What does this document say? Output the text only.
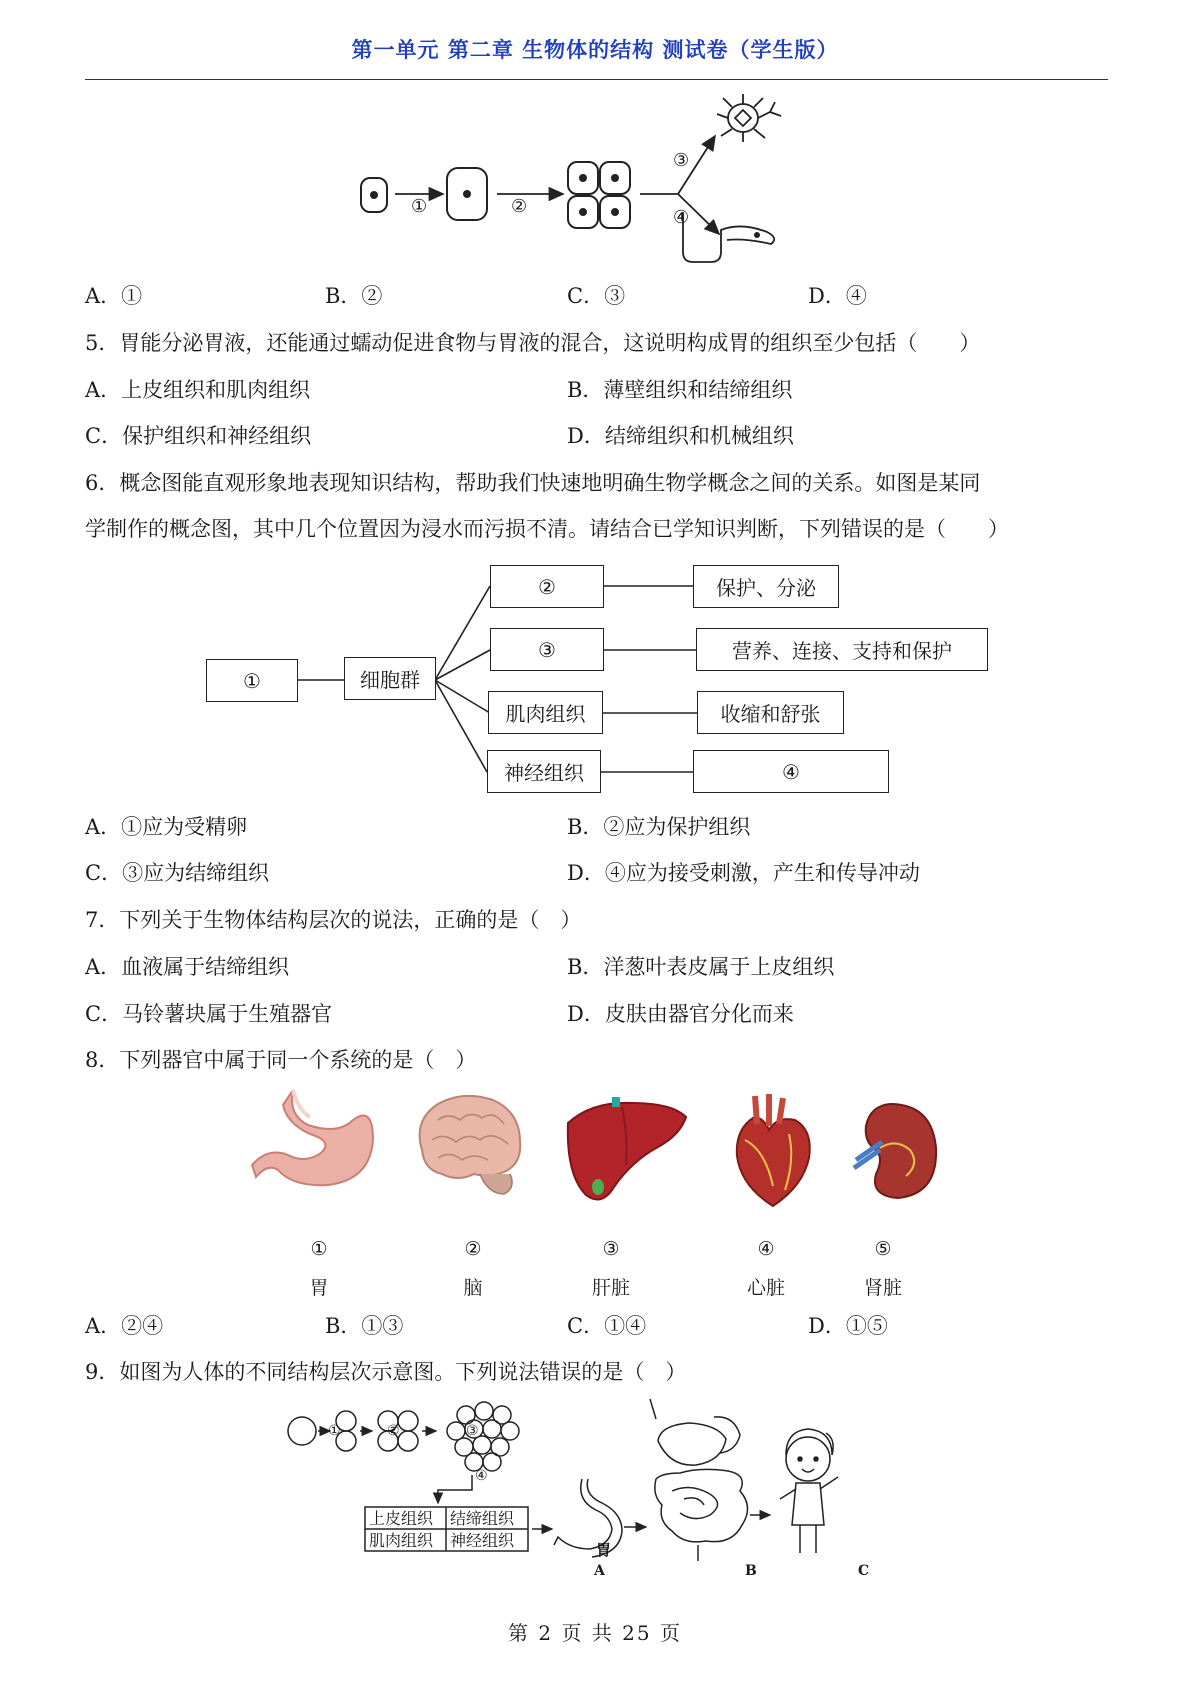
第一单元 第二章 生物体的结构 测试卷（学生版）
①	②
③
④
A．①	B．②	C．③	D．④
5．胃能分泌胃液，还能通过蠕动促进食物与胃液的混合，这说明构成胃的组织至少包括（　　）
A．上皮组织和肌肉组织	B．薄壁组织和结缔组织
C．保护组织和神经组织	D．结缔组织和机械组织
6．概念图能直观形象地表现知识结构，帮助我们快速地明确生物学概念之间的关系。如图是某同
学制作的概念图，其中几个位置因为浸水而污损不清。请结合已学知识判断，下列错误的是（　　）
①	细胞群
②
③
肌肉组织
神经组织
保护、分泌
营养、连接、支持和保护
收缩和舒张
④
A．①应为受精卵	B．②应为保护组织
C．③应为结缔组织	D．④应为接受刺激，产生和传导冲动
7．下列关于生物体结构层次的说法，正确的是（　）
A．血液属于结缔组织	B．洋葱叶表皮属于上皮组织
C．马铃薯块属于生殖器官	D．皮肤由器官分化而来
8．下列器官中属于同一个系统的是（　）
①
胃
②
脑
③
肝脏
④
心脏
⑤
肾脏
A．②④	B．①③	C．①④	D．①⑤
9．如图为人体的不同结构层次示意图。下列说法错误的是（　）
①	②	③
④
上皮组织 结缔组织
肌肉组织 神经组织	胃
A	B	C
第 2 页 共 25 页
